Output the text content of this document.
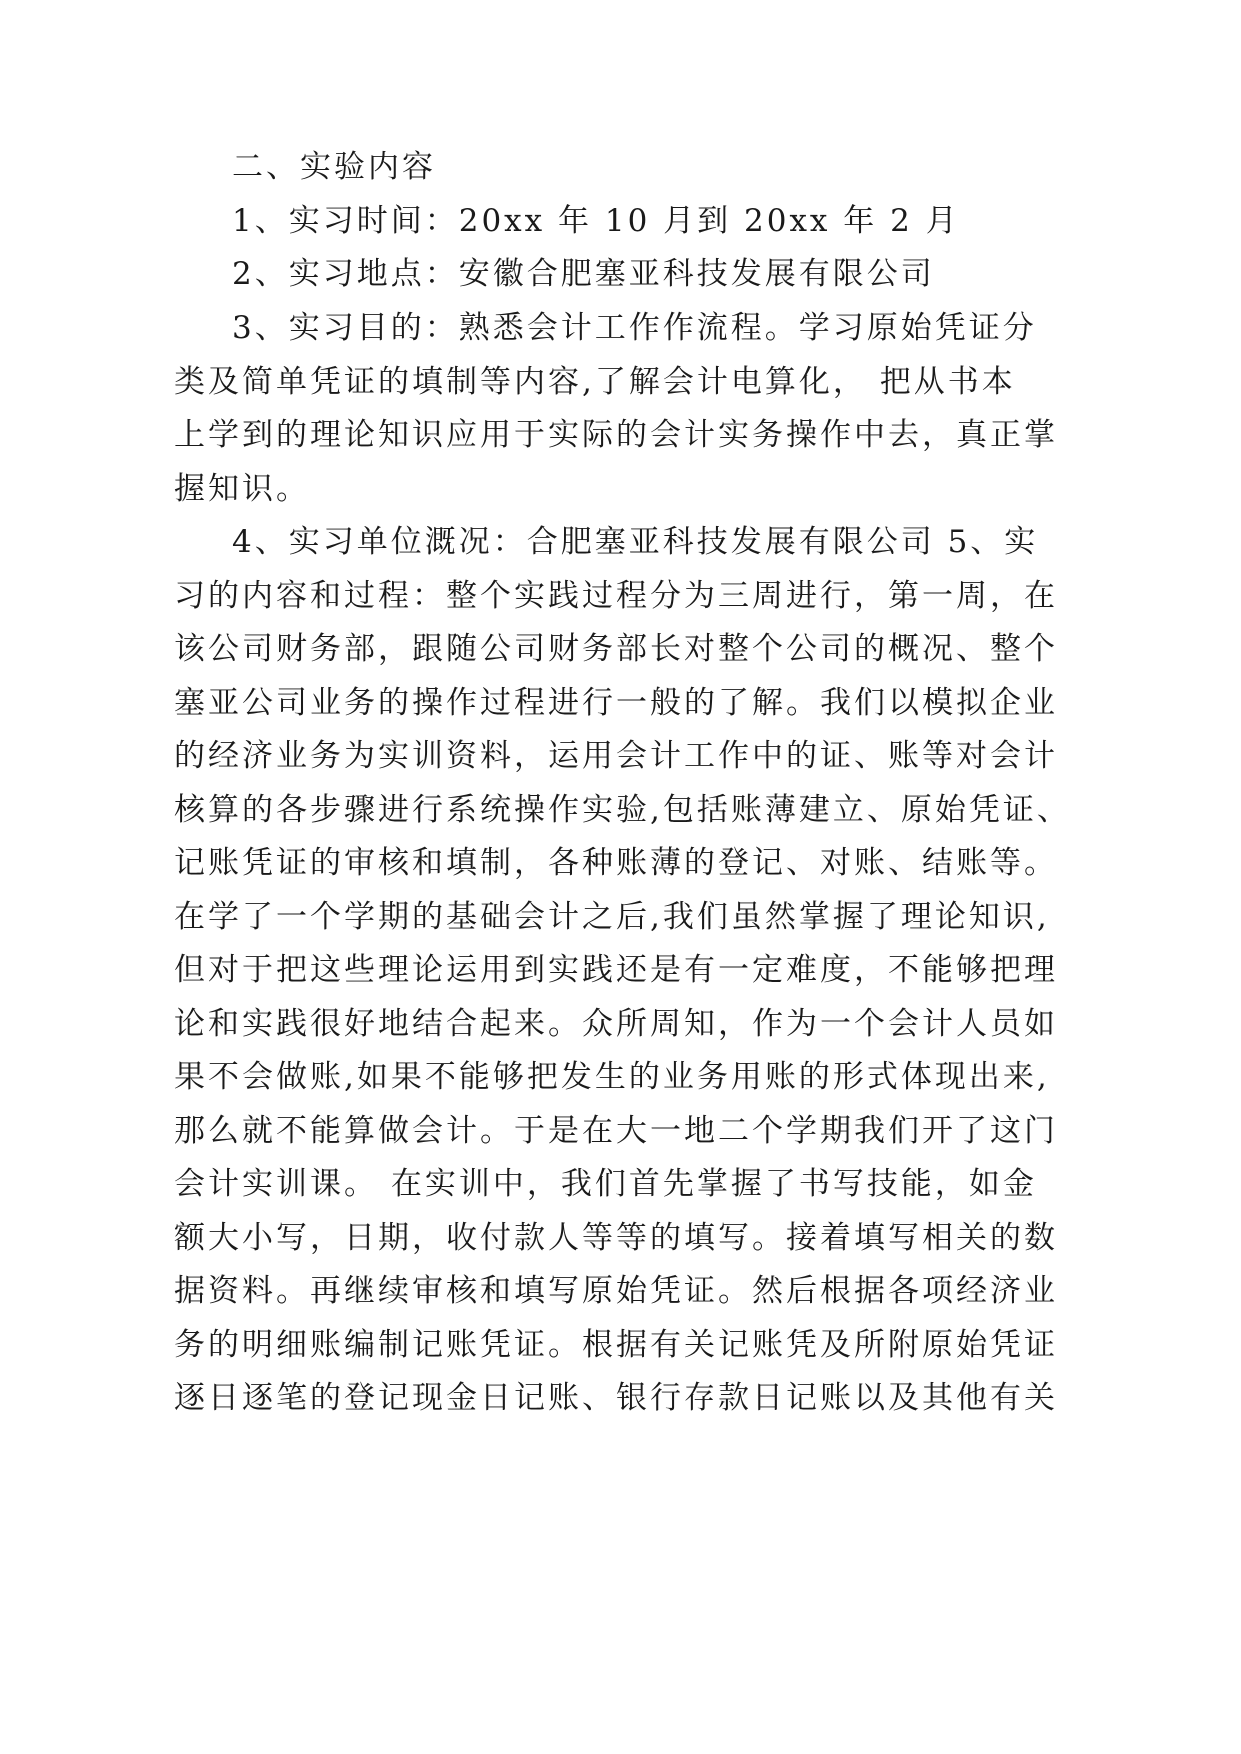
二、实验内容
1、实习时间：20xx 年 10 月到 20xx 年 2 月
2、实习地点：安徽合肥塞亚科技发展有限公司
3、实习目的：熟悉会计工作作流程。学习原始凭证分
类及简单凭证的填制等内容,了解会计电算化， 把从书本
上学到的理论知识应用于实际的会计实务操作中去，真正掌
握知识。
4、实习单位溉况：合肥塞亚科技发展有限公司 5、实
习的内容和过程：整个实践过程分为三周进行，第一周，在
该公司财务部，跟随公司财务部长对整个公司的概况、整个
塞亚公司业务的操作过程进行一般的了解。我们以模拟企业
的经济业务为实训资料，运用会计工作中的证、账等对会计
核算的各步骤进行系统操作实验,包括账薄建立、原始凭证、
记账凭证的审核和填制，各种账薄的登记、对账、结账等。
在学了一个学期的基础会计之后,我们虽然掌握了理论知识,
但对于把这些理论运用到实践还是有一定难度，不能够把理
论和实践很好地结合起来。众所周知，作为一个会计人员如
果不会做账,如果不能够把发生的业务用账的形式体现出来,
那么就不能算做会计。于是在大一地二个学期我们开了这门
会计实训课。 在实训中，我们首先掌握了书写技能，如金
额大小写，日期，收付款人等等的填写。接着填写相关的数
据资料。再继续审核和填写原始凭证。然后根据各项经济业
务的明细账编制记账凭证。根据有关记账凭及所附原始凭证
逐日逐笔的登记现金日记账、银行存款日记账以及其他有关
